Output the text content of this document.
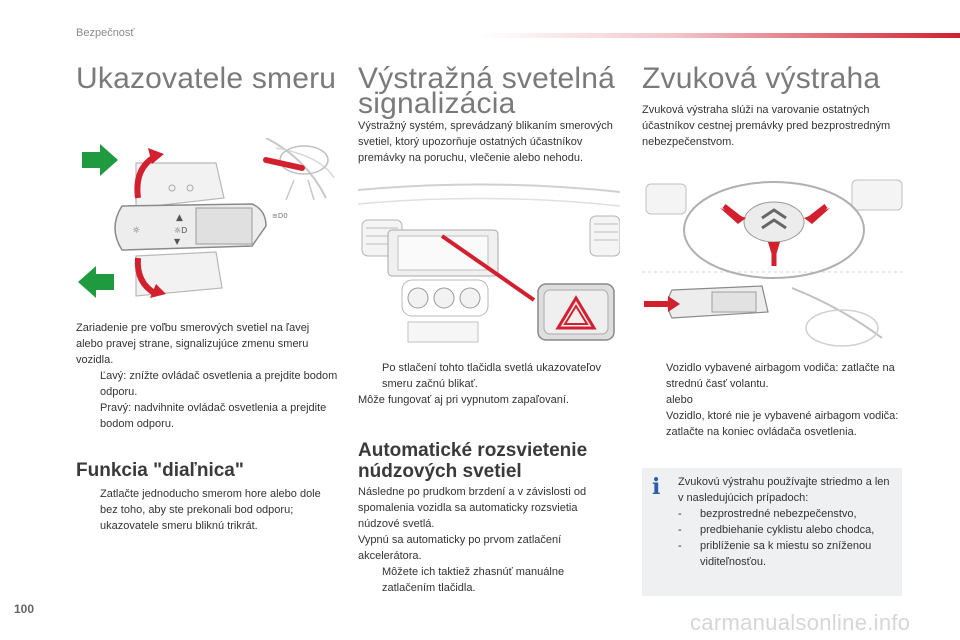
Bezpečnosť
Ukazovatele smeru
▲
☼D
▼
☼
≡D0
Zariadenie pre voľbu smerových svetiel na ľavej alebo pravej strane, signalizujúce zmenu smeru vozidla.
Ľavý: znížte ovládač osvetlenia a prejdite bodom odporu.
Pravý: nadvihnite ovládač osvetlenia a prejdite bodom odporu.
Funkcia "diaľnica"
Zatlačte jednoducho smerom hore alebo dole bez toho, aby ste prekonali bod odporu; ukazovatele smeru bliknú trikrát.
Výstražná svetelná
signalizácia
Výstražný systém, sprevádzaný blikaním smerových svetiel, ktorý upozorňuje ostatných účastníkov premávky na poruchu, vlečenie alebo nehodu.
Po stlačení tohto tlačidla svetlá ukazovateľov smeru začnú blikať.
Môže fungovať aj pri vypnutom zapaľovaní.
Automatické rozsvietenie
núdzových svetiel
Následne po prudkom brzdení a v závislosti od spomalenia vozidla sa automaticky rozsvietia núdzové svetlá.
Vypnú sa automaticky po prvom zatlačení akcelerátora.
Môžete ich taktiež zhasnúť manuálne zatlačením tlačidla.
Zvuková výstraha
Zvuková výstraha slúži na varovanie ostatných účastníkov cestnej premávky pred bezprostredným nebezpečenstvom.
Vozidlo vybavené airbagom vodiča: zatlačte na strednú časť volantu.
alebo
Vozidlo, ktoré nie je vybavené airbagom vodiča: zatlačte na koniec ovládača osvetlenia.
i Zvukovú výstrahu používajte striedmo a len v nasledujúcich prípadoch:
- bezprostredné nebezpečenstvo,
- predbiehanie cyklistu alebo chodca,
- priblíženie sa k miestu so zníženou viditeľnosťou.
100
carmanualsonline.info
